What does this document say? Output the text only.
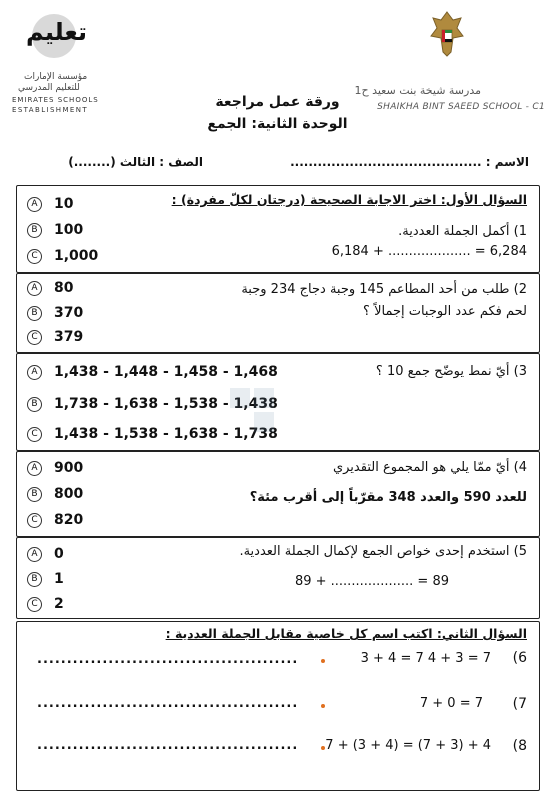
مدرسة شيخة بنت سعيد ح1
SHAIKHA BINT SAEED SCHOOL - C1
تعليم
مؤسسة الإمارات
للتعليم المدرسي
EMIRATES SCHOOLS
ESTABLISHMENT	ورقة عمل مراجعة
الوحدة الثانية: الجمع
الاسم : ..........................................
الصف : الثالث (........)
السؤال الأول: اختر الاجابة الصحيحة (درجتان لكلّ مفردة) :
1) أكمل الجملة العددية.
6,184 + .................... = 6,284
A 10
B 100
C 1,000
2) طلب من أحد المطاعم 145 وجبة دجاج 234 وجبة
لحم فكم عدد الوجبات إجمالاً ؟
A 80
B 370
C 379
3) أيّ نمط يوضّح جمع 10 ؟
A 1,438 - 1,448 - 1,458 - 1,468
B 1,738 - 1,638 - 1,538 - 1,438
C 1,438 - 1,538 - 1,638 - 1,738
4) أيّ ممّا يلي هو المجموع التقديري
للعدد 590 والعدد 348 مقرّباً إلى أقرب مئة؟
A 900
B 800
C 820
5) استخدم إحدى خواص الجمع لإكمال الجملة العددية.
89 + .................... = 89
A 0
B 1
C 2
السؤال الثاني: اكتب اسم كل خاصية مقابل الجملة العددية :
(6
3 + 4 = 7 4 + 3 = 7
............................................
(7
7 + 0 = 7
............................................
(8
7 + (3 + 4) = (7 + 3) + 4
............................................
